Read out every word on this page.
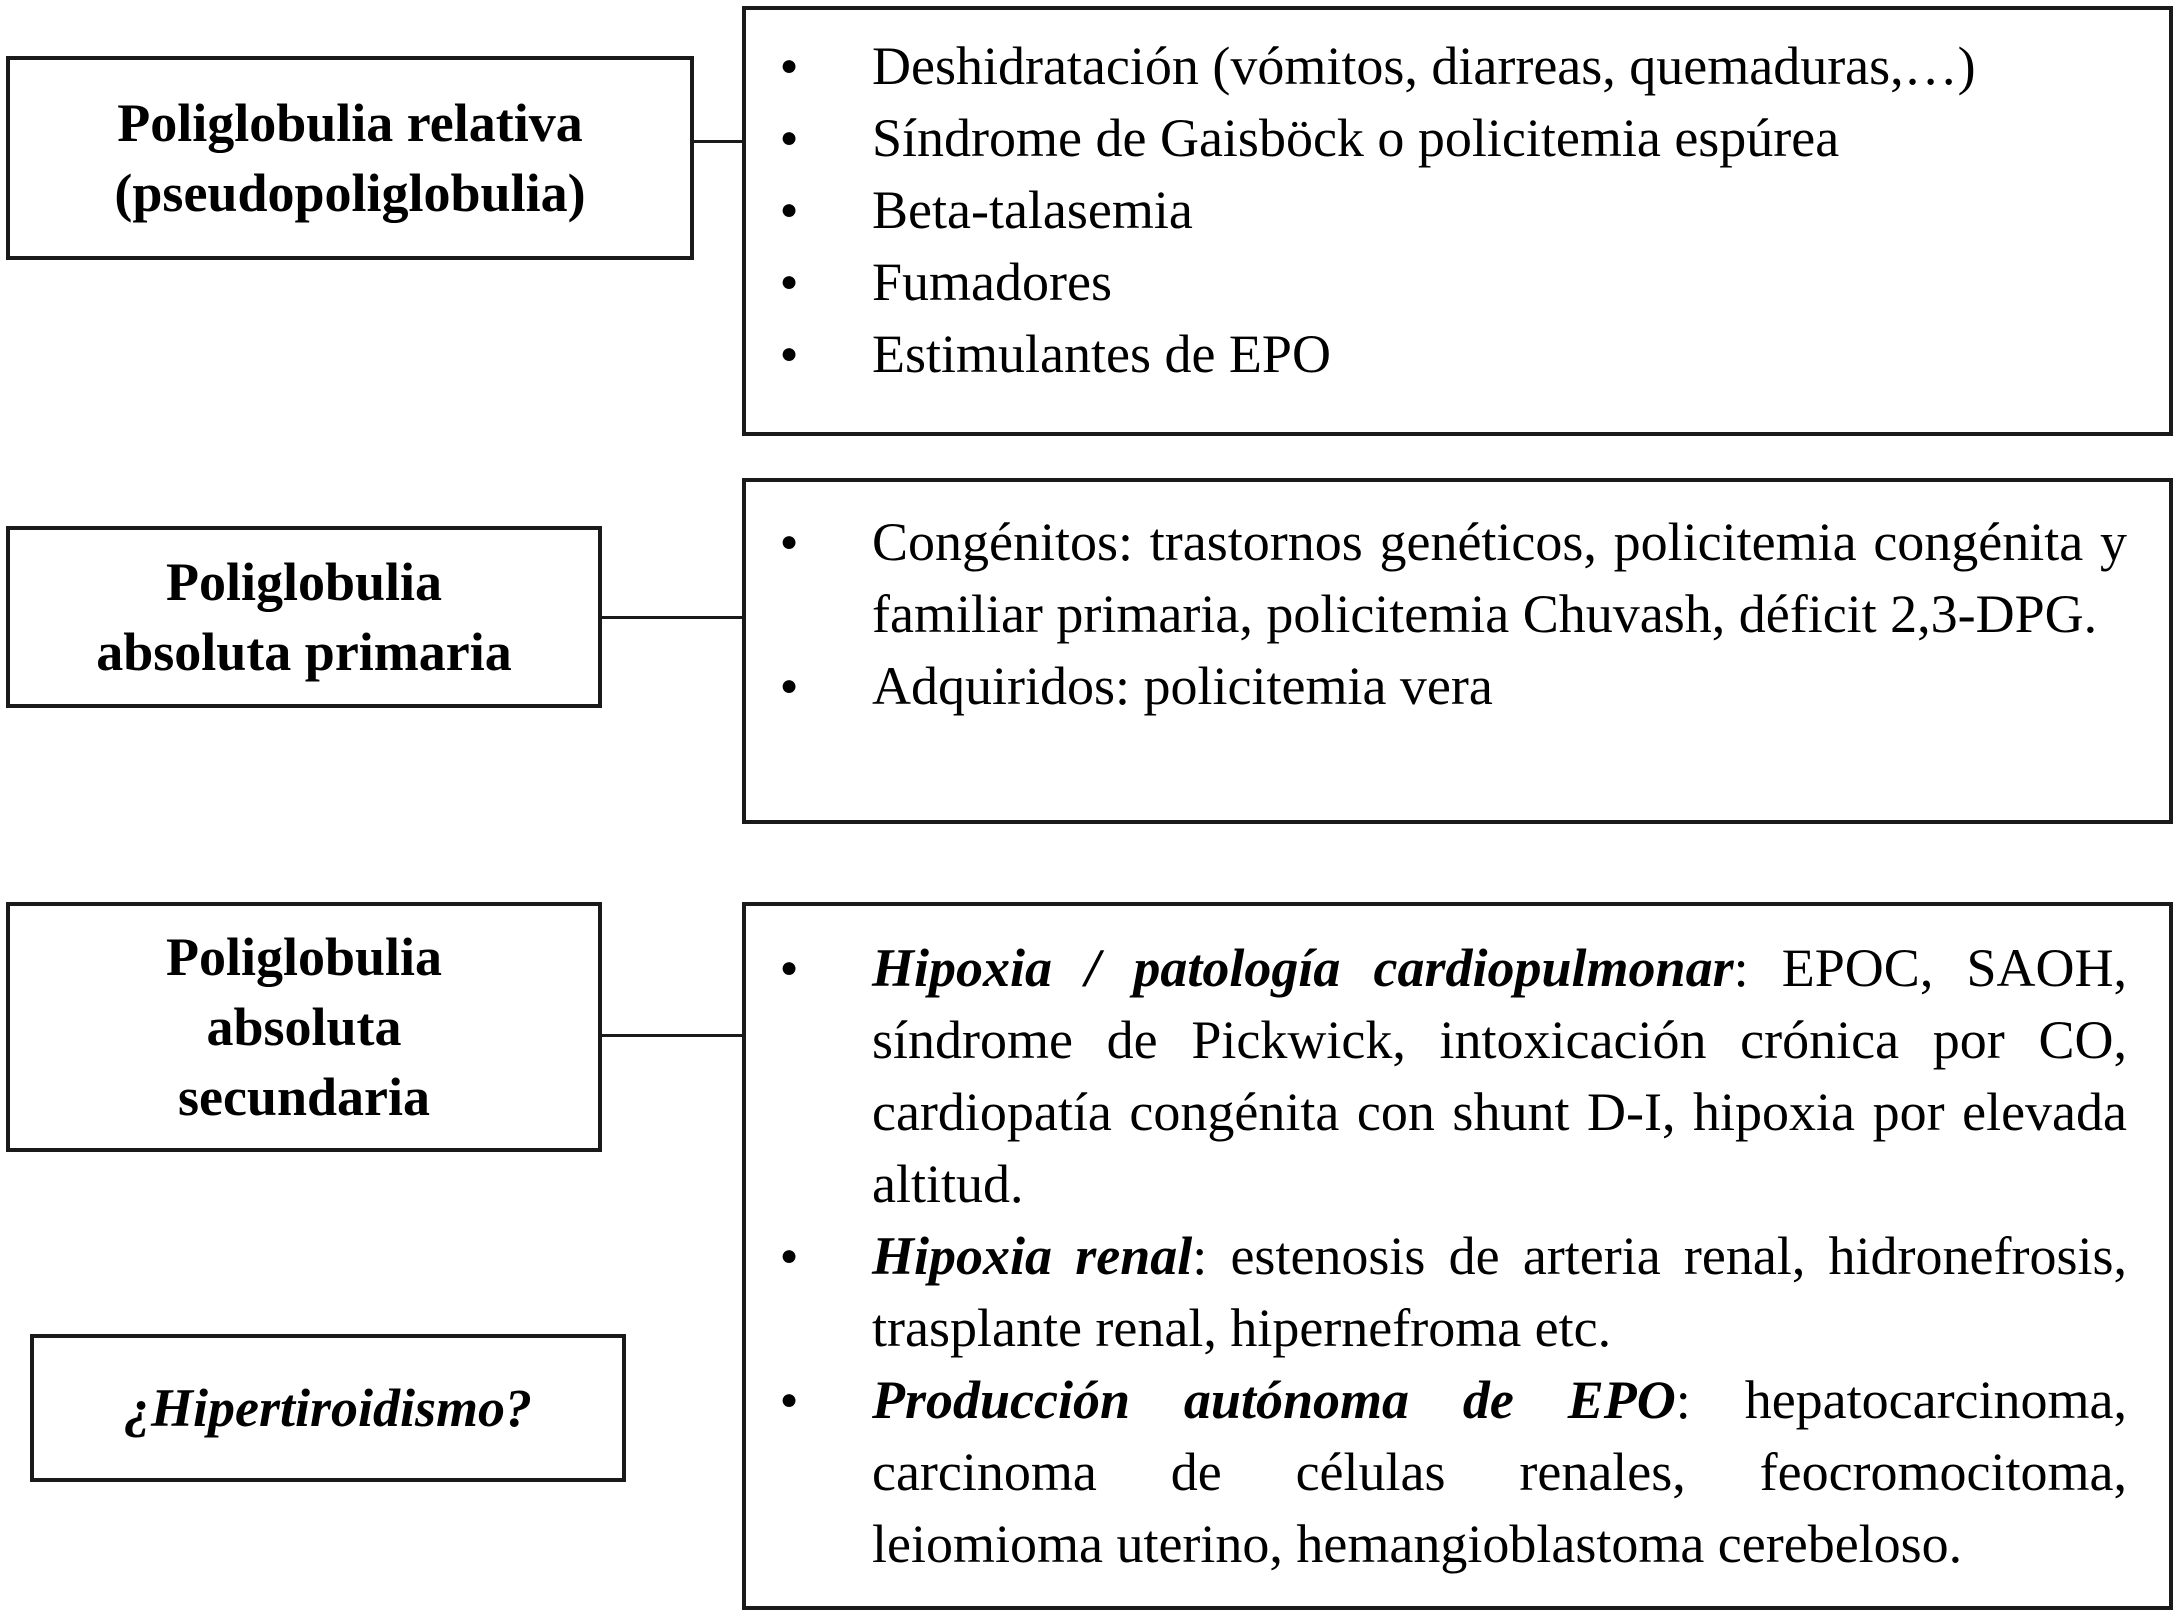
Poliglobulia relativa
(pseudopoliglobulia)
Poliglobulia
absoluta primaria
Poliglobulia
absoluta
secundaria
¿Hipertiroidismo?
● Deshidratación (vómitos, diarreas, quemaduras,…)
● Síndrome de Gaisböck o policitemia espúrea
● Beta-talasemia
● Fumadores
● Estimulantes de EPO
● Congénitos: trastornos genéticos, policitemia congénita y familiar primaria, policitemia Chuvash, déficit 2,3-DPG.
● Adquiridos: policitemia vera
● Hipoxia / patología cardiopulmonar: EPOC, SAOH, síndrome de Pickwick, intoxicación crónica por CO, cardiopatía congénita con shunt D-I, hipoxia por elevada altitud.
● Hipoxia renal: estenosis de arteria renal, hidronefrosis, trasplante renal, hipernefroma etc.
● Producción autónoma de EPO: hepatocarcinoma, carcinoma de células renales, feocromocitoma, leiomioma uterino, hemangioblastoma cerebeloso.
